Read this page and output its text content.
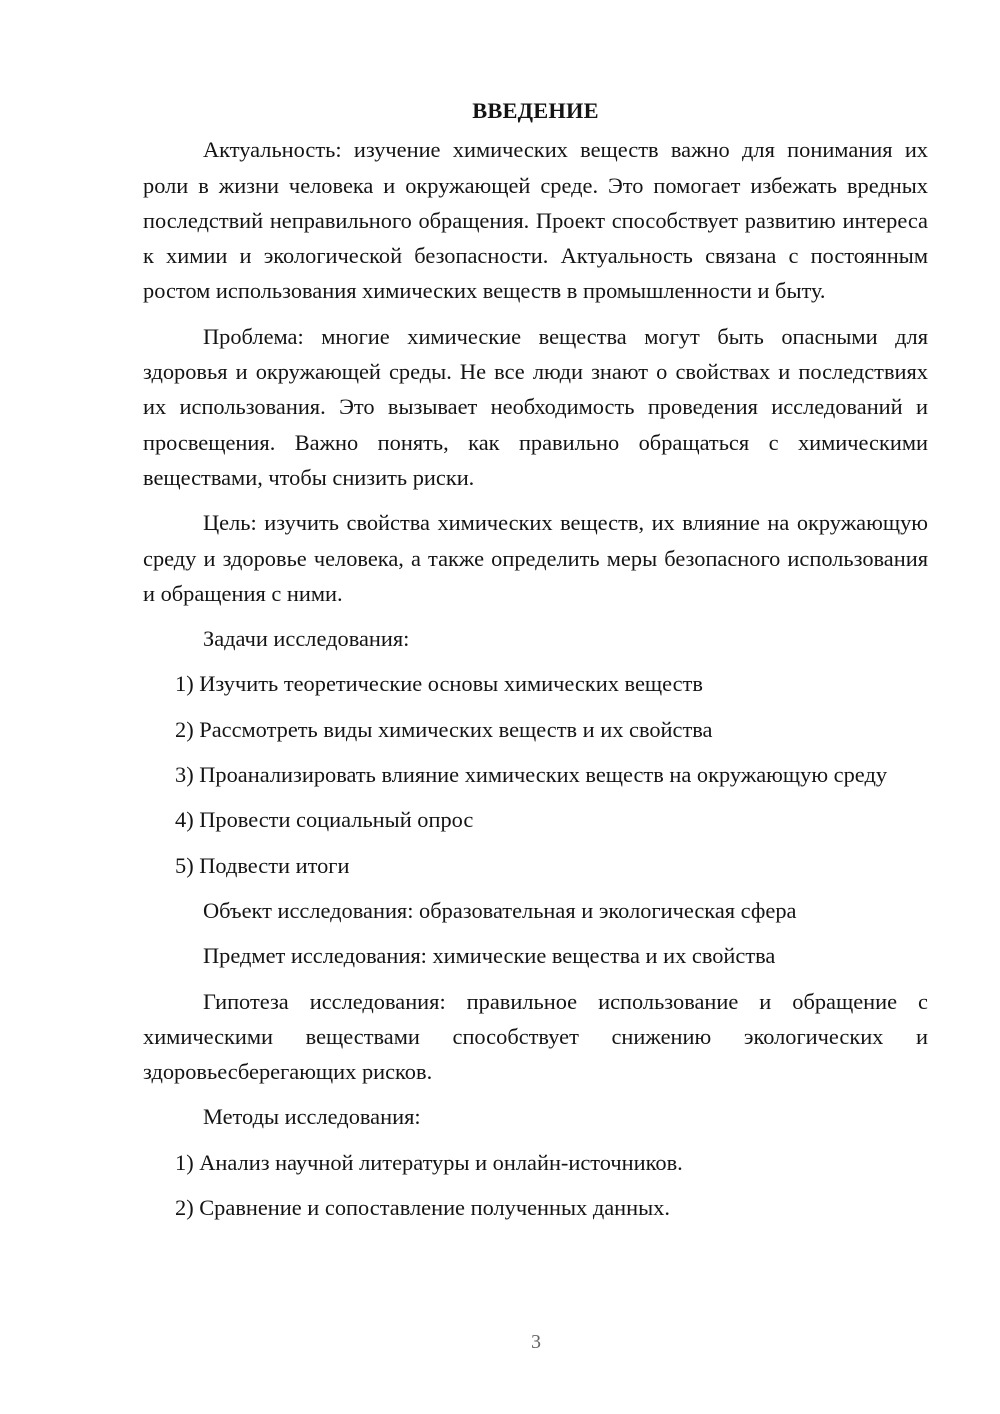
ВВЕДЕНИЕ

Актуальность: изучение химических веществ важно для понимания их роли в жизни человека и окружающей среде. Это помогает избежать вредных последствий неправильного обращения. Проект способствует развитию интереса к химии и экологической безопасности. Актуальность связана с постоянным ростом использования химических веществ в промышленности и быту.

Проблема: многие химические вещества могут быть опасными для здоровья и окружающей среды. Не все люди знают о свойствах и последствиях их использования. Это вызывает необходимость проведения исследований и просвещения. Важно понять, как правильно обращаться с химическими веществами, чтобы снизить риски.

Цель: изучить свойства химических веществ, их влияние на окружающую среду и здоровье человека, а также определить меры безопасного использования и обращения с ними.

Задачи исследования:

1) Изучить теоретические основы химических веществ

2) Рассмотреть виды химических веществ и их свойства

3) Проанализировать влияние химических веществ на окружающую среду

4) Провести социальный опрос

5) Подвести итоги

Объект исследования: образовательная и экологическая сфера

Предмет исследования: химические вещества и их свойства

Гипотеза исследования: правильное использование и обращение с химическими веществами способствует снижению экологических и здоровьесберегающих рисков.

Методы исследования:

1) Анализ научной литературы и онлайн-источников.

2) Сравнение и сопоставление полученных данных.

3
